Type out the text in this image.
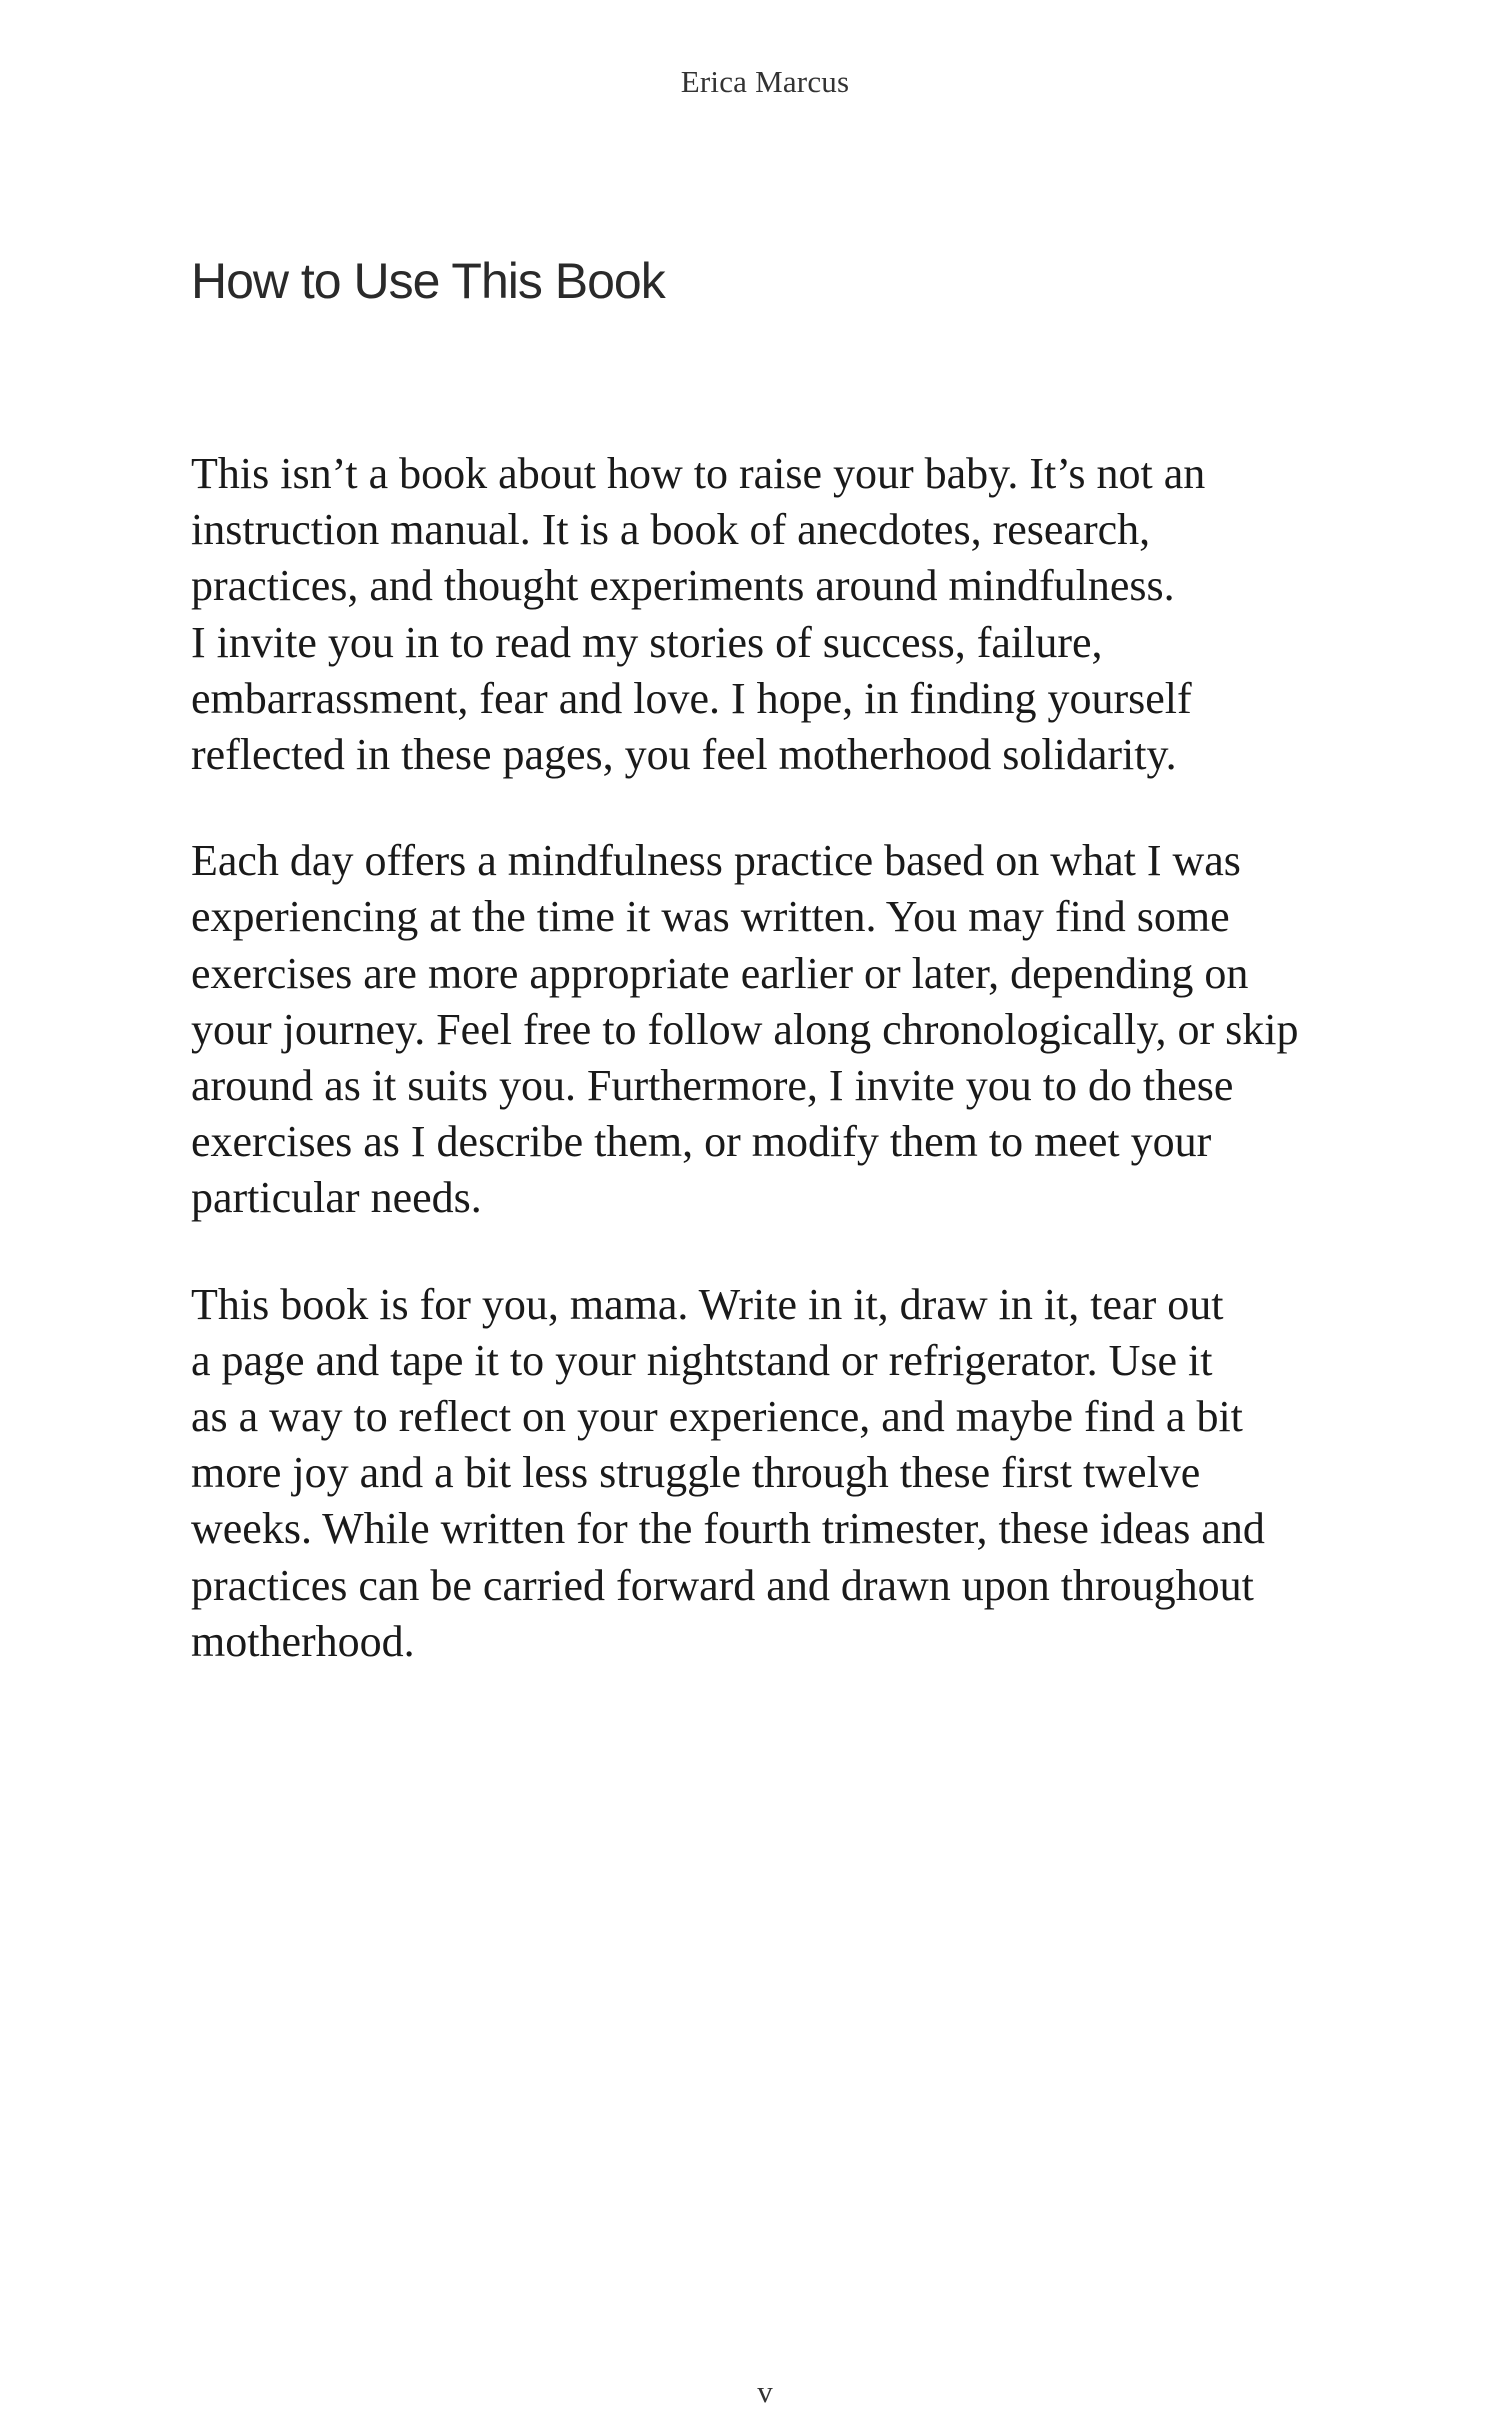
Erica Marcus
How to Use This Book

This isn’t a book about how to raise your baby. It’s not an
instruction manual. It is a book of anecdotes, research,
practices, and thought experiments around mindfulness.
I invite you in to read my stories of success, failure,
embarrassment, fear and love. I hope, in finding yourself
reflected in these pages, you feel motherhood solidarity.

Each day offers a mindfulness practice based on what I was
experiencing at the time it was written. You may find some
exercises are more appropriate earlier or later, depending on
your journey. Feel free to follow along chronologically, or skip
around as it suits you. Furthermore, I invite you to do these
exercises as I describe them, or modify them to meet your
particular needs.

This book is for you, mama. Write in it, draw in it, tear out
a page and tape it to your nightstand or refrigerator. Use it
as a way to reflect on your experience, and maybe find a bit
more joy and a bit less struggle through these first twelve
weeks. While written for the fourth trimester, these ideas and
practices can be carried forward and drawn upon throughout
motherhood.

v
